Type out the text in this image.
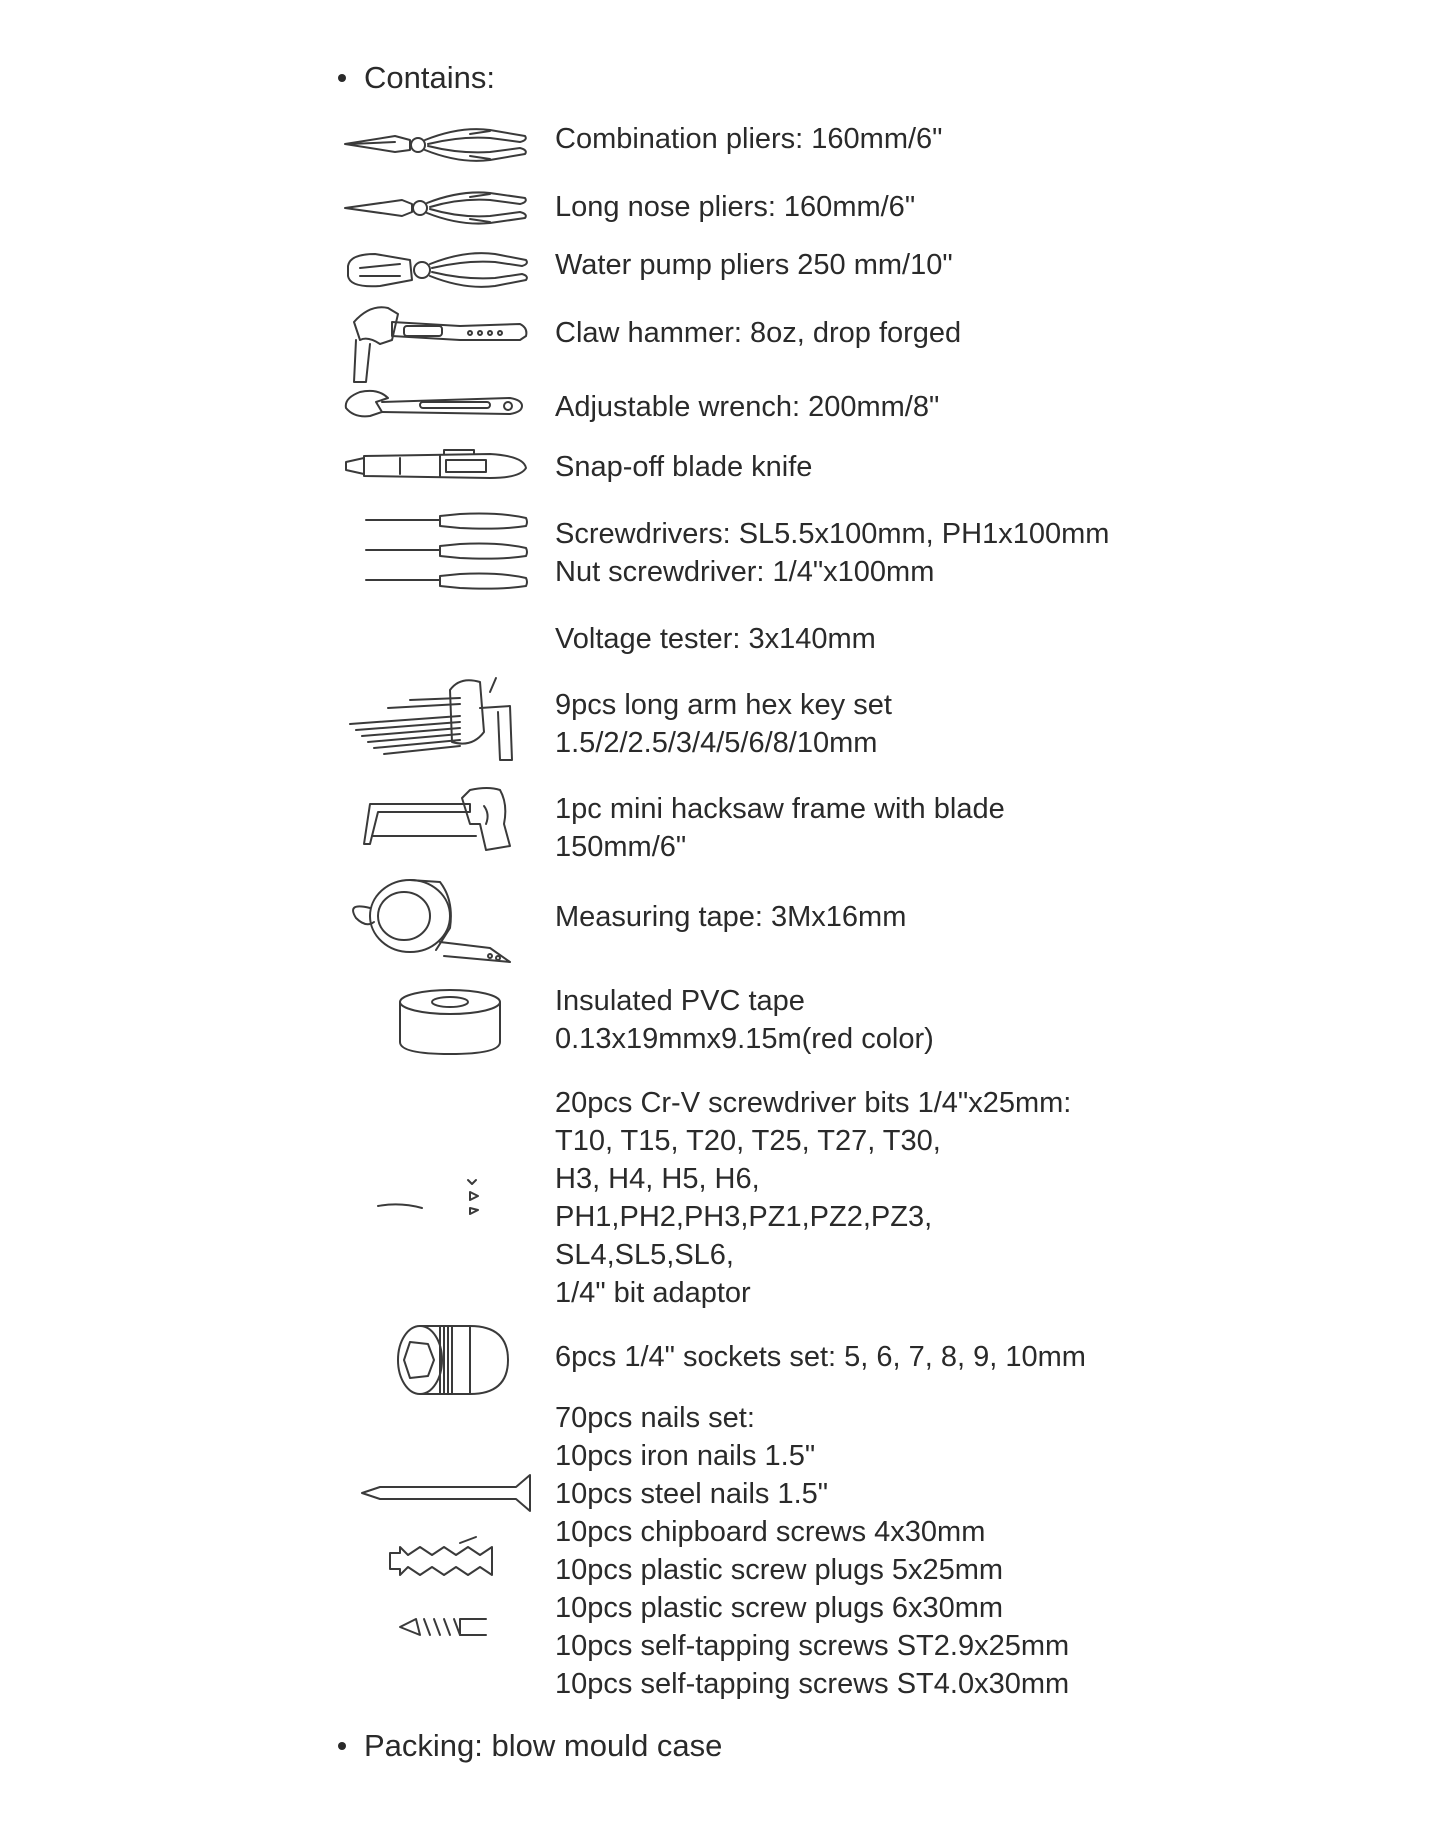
Contains:
Combination pliers: 160mm/6"
Long nose pliers: 160mm/6"
Water pump pliers 250 mm/10"
Claw hammer: 8oz, drop forged
Adjustable wrench: 200mm/8"
Snap-off blade knife
Screwdrivers: SL5.5x100mm, PH1x100mm
Nut screwdriver: 1/4"x100mm
Voltage tester: 3x140mm
9pcs long arm hex key set
1.5/2/2.5/3/4/5/6/8/10mm
1pc mini hacksaw frame with blade
150mm/6"
Measuring tape: 3Mx16mm
Insulated PVC tape
0.13x19mmx9.15m(red color)
20pcs Cr-V screwdriver bits 1/4"x25mm:
T10, T15, T20, T25, T27, T30,
H3, H4, H5, H6,
PH1,PH2,PH3,PZ1,PZ2,PZ3,
SL4,SL5,SL6,
1/4" bit adaptor
6pcs 1/4" sockets set: 5, 6, 7, 8, 9, 10mm
70pcs nails set:
10pcs iron nails 1.5"
10pcs steel nails 1.5"
10pcs chipboard screws 4x30mm
10pcs plastic screw plugs 5x25mm
10pcs plastic screw plugs 6x30mm
10pcs self-tapping screws ST2.9x25mm
10pcs self-tapping screws ST4.0x30mm
Packing: blow mould case
